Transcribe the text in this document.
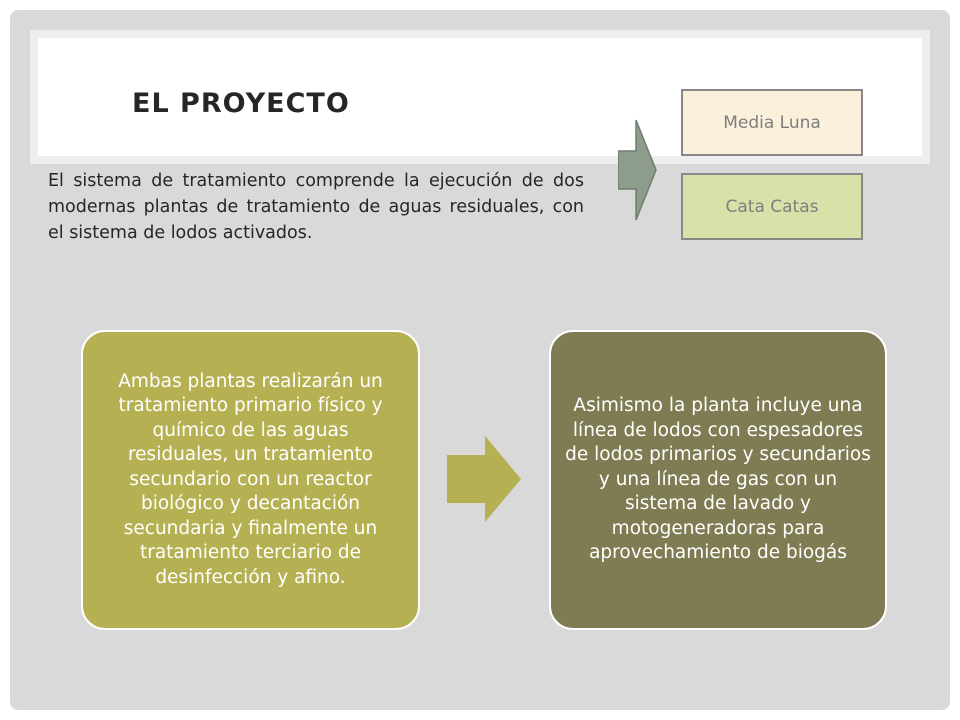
EL PROYECTO

El sistema de tratamiento comprende la ejecución de dos modernas plantas de tratamiento de aguas residuales, con el sistema de lodos activados.

Media Luna
Cata Catas
Ambas plantas realizarán un tratamiento primario físico y químico de las aguas residuales, un tratamiento secundario con un reactor biológico y decantación secundaria y finalmente un tratamiento terciario de desinfección y afino.
Asimismo la planta incluye una línea de lodos con espesadores de lodos primarios y secundarios y una línea de gas con un sistema de lavado y motogeneradoras para aprovechamiento de biogás
